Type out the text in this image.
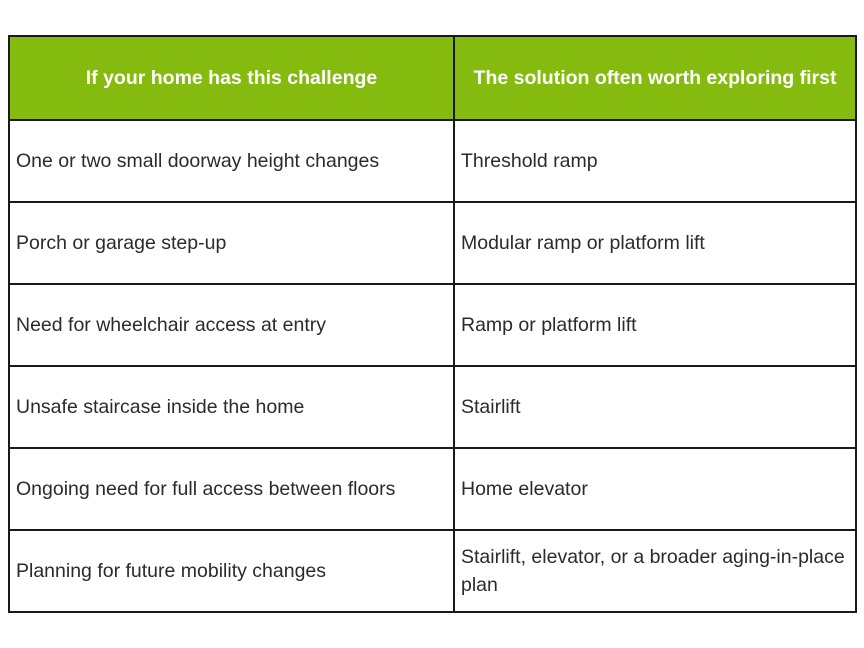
If your home has this challenge	The solution often worth exploring first
One or two small doorway height changes	Threshold ramp
Porch or garage step-up	Modular ramp or platform lift
Need for wheelchair access at entry	Ramp or platform lift
Unsafe staircase inside the home	Stairlift
Ongoing need for full access between floors	Home elevator
Planning for future mobility changes	Stairlift, elevator, or a broader aging-in-place plan
